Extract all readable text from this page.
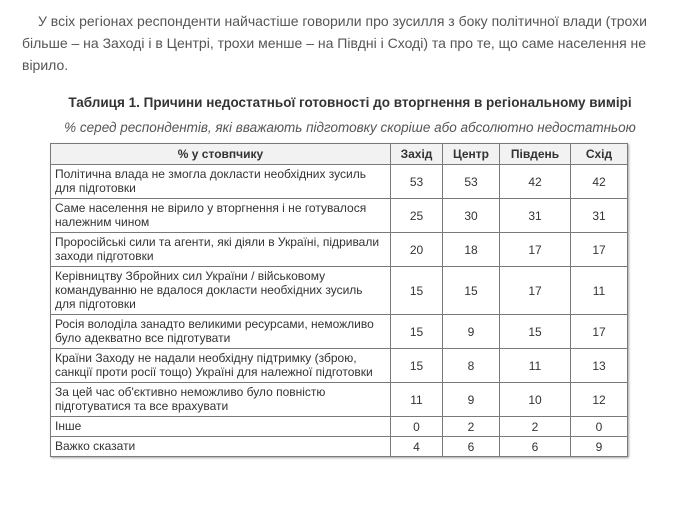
У всіх регіонах респонденти найчастіше говорили про зусилля з боку політичної влади (трохи більше – на Заході і в Центрі, трохи менше – на Півдні і Сході) та про те, що саме населення не вірило.

Таблиця 1. Причини недостатньої готовності до вторгнення в регіональному вимірі
% серед респондентів, які вважають підготовку скоріше або абсолютно недостатньою
% у стовпчику	Захід	Центр	Південь	Схід
Політична влада не змогла докласти необхідних зусиль для підготовки	53	53	42	42
Саме населення не вірило у вторгнення і не готувалося належним чином	25	30	31	31
Проросійські сили та агенти, які діяли в Україні, підривали заходи підготовки	20	18	17	17
Керівництву Збройних сил України / військовому командуванню не вдалося докласти необхідних зусиль для підготовки	15	15	17	11
Росія володіла занадто великими ресурсами, неможливо було адекватно все підготувати	15	9	15	17
Країни Заходу не надали необхідну підтримку (зброю, санкції проти росії тощо) Україні для належної підготовки	15	8	11	13
За цей час об'єктивно неможливо було повністю підготуватися та все врахувати	11	9	10	12
Інше	0	2	2	0
Важко сказати	4	6	6	9
